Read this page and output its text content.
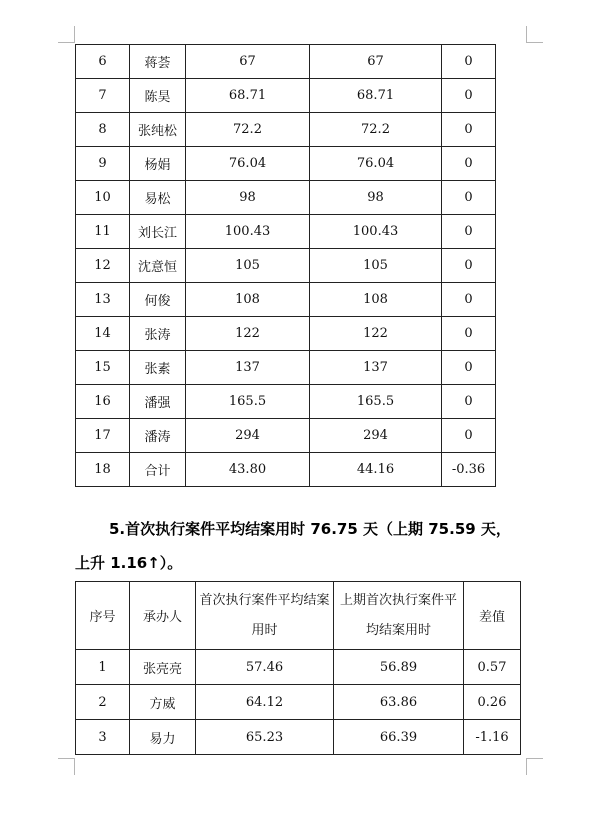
6	蒋荟	67	67	0
7	陈昊	68.71	68.71	0
8	张纯松	72.2	72.2	0
9	杨娟	76.04	76.04	0
10	易松	98	98	0
11	刘长江	100.43	100.43	0
12	沈意恒	105	105	0
13	何俊	108	108	0
14	张涛	122	122	0
15	张素	137	137	0
16	潘强	165.5	165.5	0
17	潘涛	294	294	0
18	合计	43.80	44.16	-0.36
5.首次执行案件平均结案用时 76.75 天（上期 75.59 天，
上升 1.16↑）。
序号	承办人	首次执行案件平均结案用时	上期首次执行案件平均结案用时	差值
1	张亮亮	57.46	56.89	0.57
2	方威	64.12	63.86	0.26
3	易力	65.23	66.39	-1.16
